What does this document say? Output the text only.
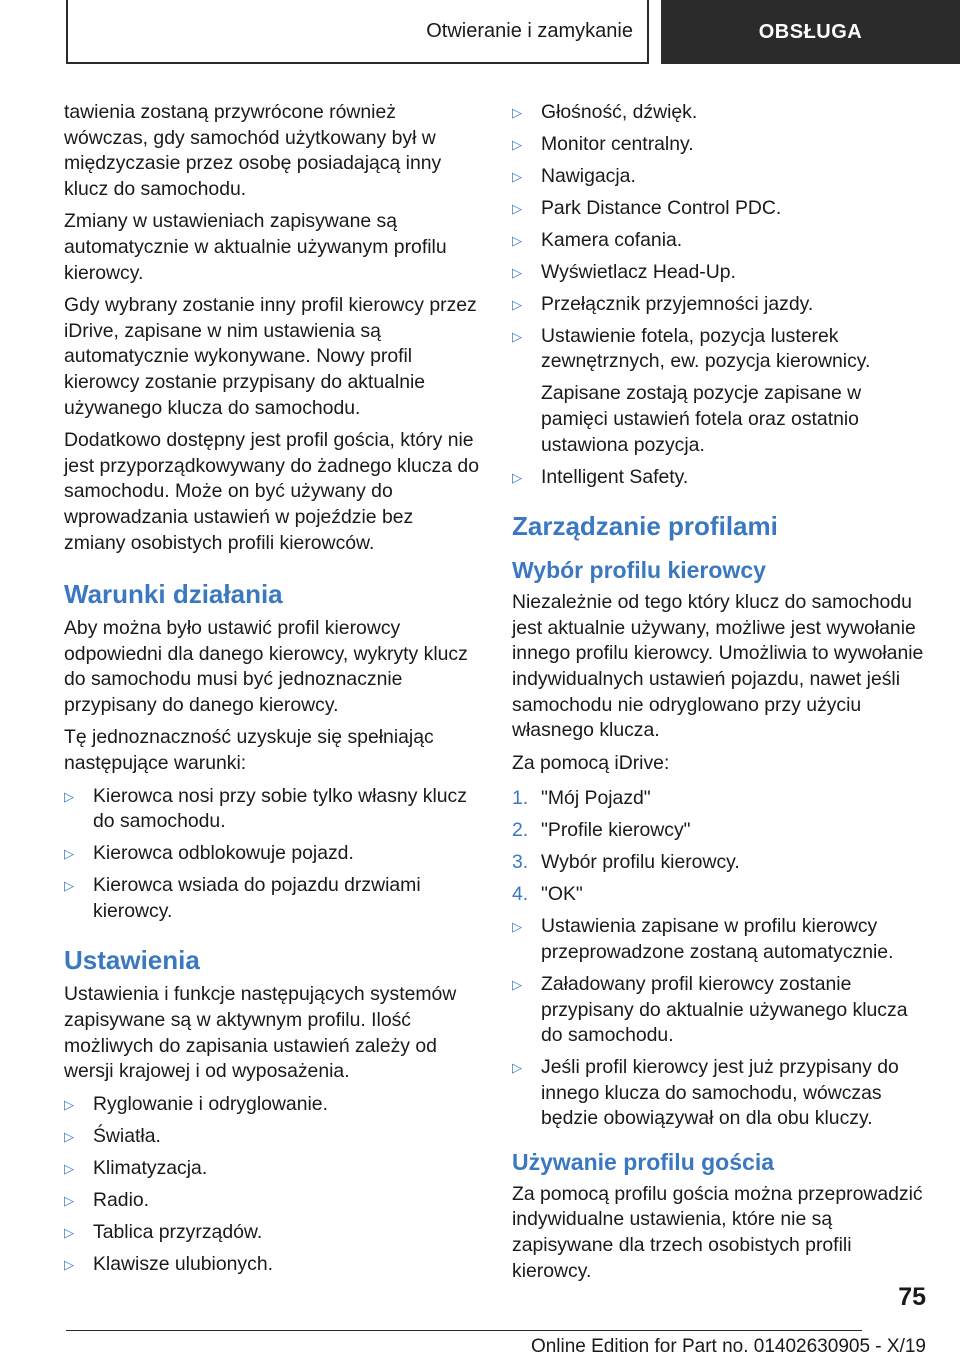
Otwieranie i zamykanie	OBSŁUGA
tawienia zostaną przywrócone również wówczas, gdy samochód użytkowany był w międzyczasie przez osobę posiadającą inny klucz do samochodu.
Zmiany w ustawieniach zapisywane są automatycznie w aktualnie używanym profilu kierowcy.
Gdy wybrany zostanie inny profil kierowcy przez iDrive, zapisane w nim ustawienia są automatycznie wykonywane. Nowy profil kierowcy zostanie przypisany do aktualnie używanego klucza do samochodu.
Dodatkowo dostępny jest profil gościa, który nie jest przyporządkowywany do żadnego klucza do samochodu. Może on być używany do wprowadzania ustawień w pojeździe bez zmiany osobistych profili kierowców.
Warunki działania
Aby można było ustawić profil kierowcy odpowiedni dla danego kierowcy, wykryty klucz do samochodu musi być jednoznacznie przypisany do danego kierowcy.
Tę jednoznaczność uzyskuje się spełniając następujące warunki:
▷ Kierowca nosi przy sobie tylko własny klucz do samochodu.
▷ Kierowca odblokowuje pojazd.
▷ Kierowca wsiada do pojazdu drzwiami kierowcy.
Ustawienia
Ustawienia i funkcje następujących systemów zapisywane są w aktywnym profilu. Ilość możliwych do zapisania ustawień zależy od wersji krajowej i od wyposażenia.
▷ Ryglowanie i odryglowanie.
▷ Światła.
▷ Klimatyzacja.
▷ Radio.
▷ Tablica przyrządów.
▷ Klawisze ulubionych.
▷ Głośność, dźwięk.
▷ Monitor centralny.
▷ Nawigacja.
▷ Park Distance Control PDC.
▷ Kamera cofania.
▷ Wyświetlacz Head-Up.
▷ Przełącznik przyjemności jazdy.
▷ Ustawienie fotela, pozycja lusterek zewnętrznych, ew. pozycja kierownicy.
Zapisane zostają pozycje zapisane w pamięci ustawień fotela oraz ostatnio ustawiona pozycja.
▷ Intelligent Safety.
Zarządzanie profilami
Wybór profilu kierowcy
Niezależnie od tego który klucz do samochodu jest aktualnie używany, możliwe jest wywołanie innego profilu kierowcy. Umożliwia to wywołanie indywidualnych ustawień pojazdu, nawet jeśli samochodu nie odryglowano przy użyciu własnego klucza.
Za pomocą iDrive:
1. "Mój Pojazd"
2. "Profile kierowcy"
3. Wybór profilu kierowcy.
4. "OK"
▷ Ustawienia zapisane w profilu kierowcy przeprowadzone zostaną automatycznie.
▷ Załadowany profil kierowcy zostanie przypisany do aktualnie używanego klucza do samochodu.
▷ Jeśli profil kierowcy jest już przypisany do innego klucza do samochodu, wówczas będzie obowiązywał on dla obu kluczy.
Używanie profilu gościa
Za pomocą profilu gościa można przeprowadzić indywidualne ustawienia, które nie są zapisywane dla trzech osobistych profili kierowcy.
75
Online Edition for Part no. 01402630905 - X/19
